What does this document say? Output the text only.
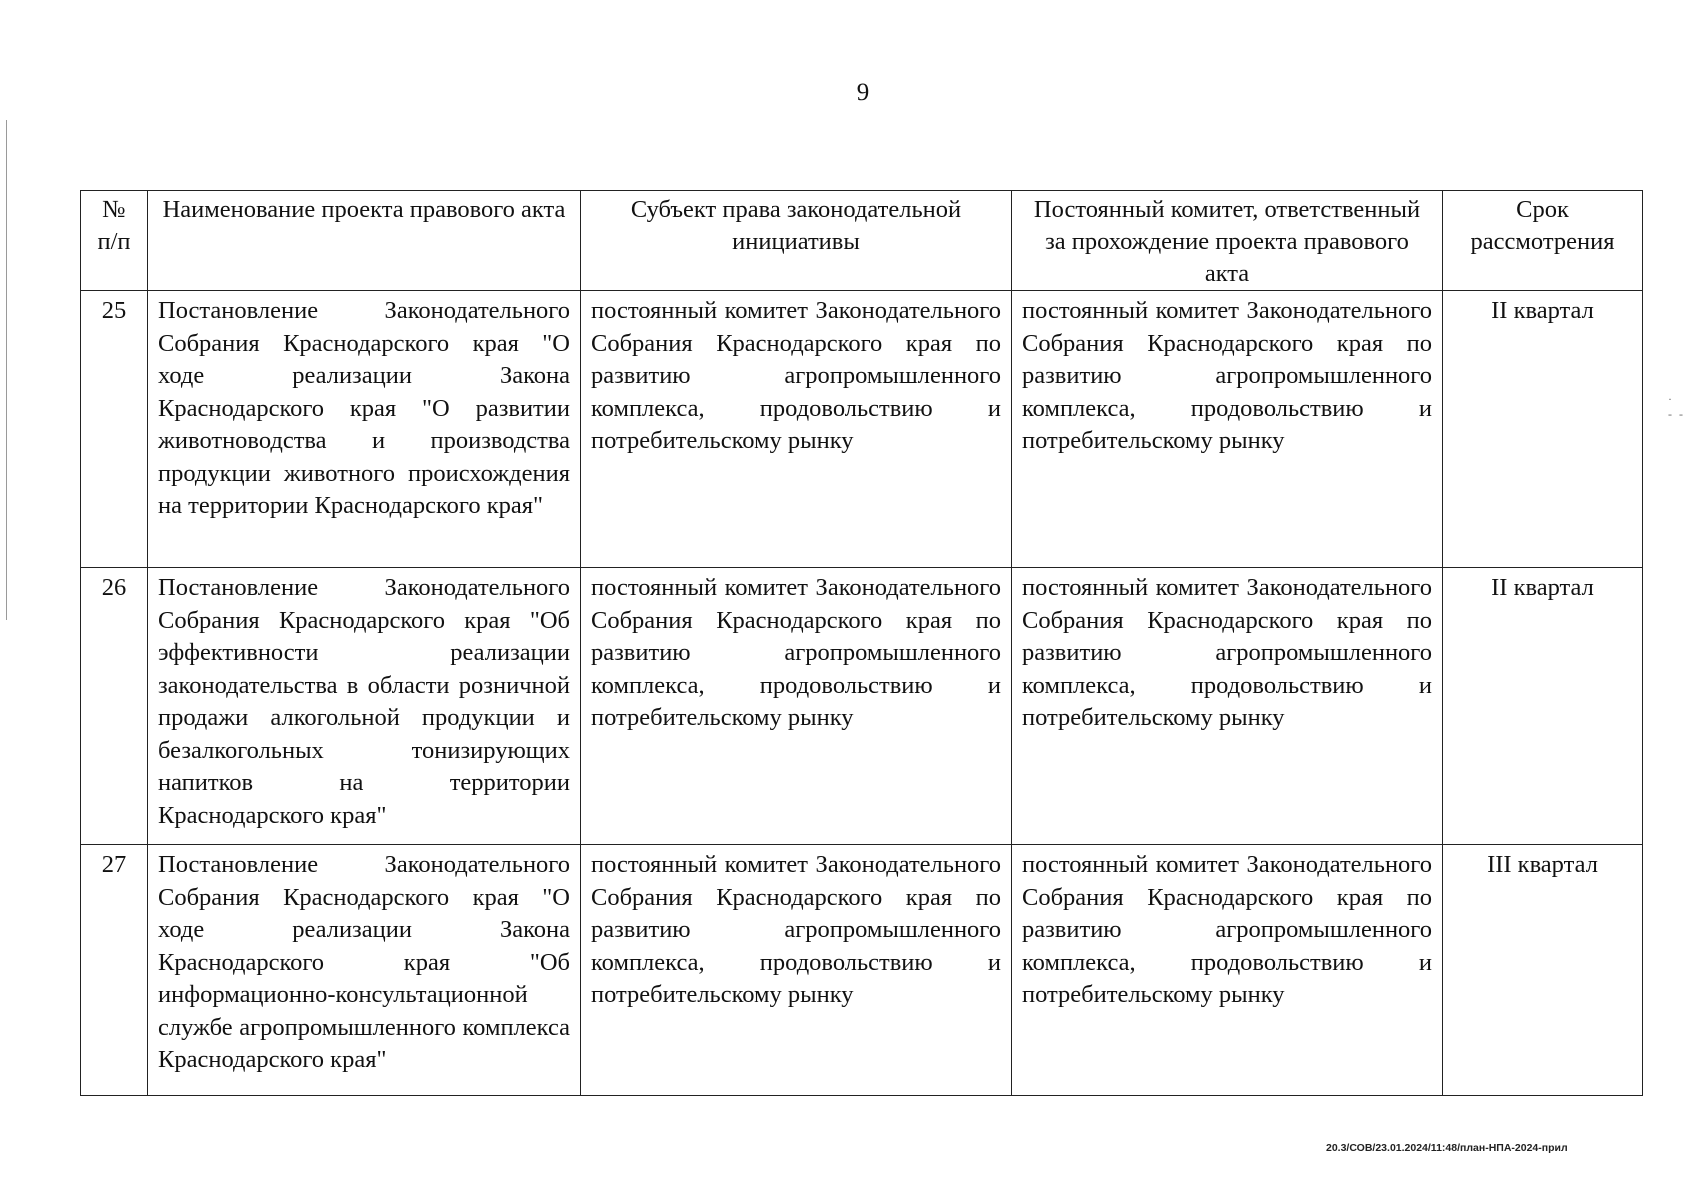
·
- -
9
№ п/п	Наименование проекта правового акта	Субъект права законодательной инициативы	Постоянный комитет, ответственный за прохождение проекта правового акта	Срок рассмотрения
25	Постановление Законодательного Собрания Краснодарского края "О ходе реализации Закона Краснодарского края "О развитии животноводства и производства продукции животного происхождения на территории Краснодарского края"	постоянный комитет Законодательного Собрания Краснодарского края по развитию агропромышленного комплекса, продовольствию и потребительскому рынку	постоянный комитет Законодательного Собрания Краснодарского края по развитию агропромышленного комплекса, продовольствию и потребительскому рынку	II квартал
26	Постановление Законодательного Собрания Краснодарского края "Об эффективности реализации законодательства в области розничной продажи алкогольной продукции и безалкогольных тонизирующих напитков на территории Краснодарского края"	постоянный комитет Законодательного Собрания Краснодарского края по развитию агропромышленного комплекса, продовольствию и потребительскому рынку	постоянный комитет Законодательного Собрания Краснодарского края по развитию агропромышленного комплекса, продовольствию и потребительскому рынку	II квартал
27	Постановление Законодательного Собрания Краснодарского края "О ходе реализации Закона Краснодарского края "Об информационно-консультационной службе агропромышленного комплекса Краснодарского края"	постоянный комитет Законодательного Собрания Краснодарского края по развитию агропромышленного комплекса, продовольствию и потребительскому рынку	постоянный комитет Законодательного Собрания Краснодарского края по развитию агропромышленного комплекса, продовольствию и потребительскому рынку	III квартал
20.3/СОВ/23.01.2024/11:48/план-НПА-2024-прил
